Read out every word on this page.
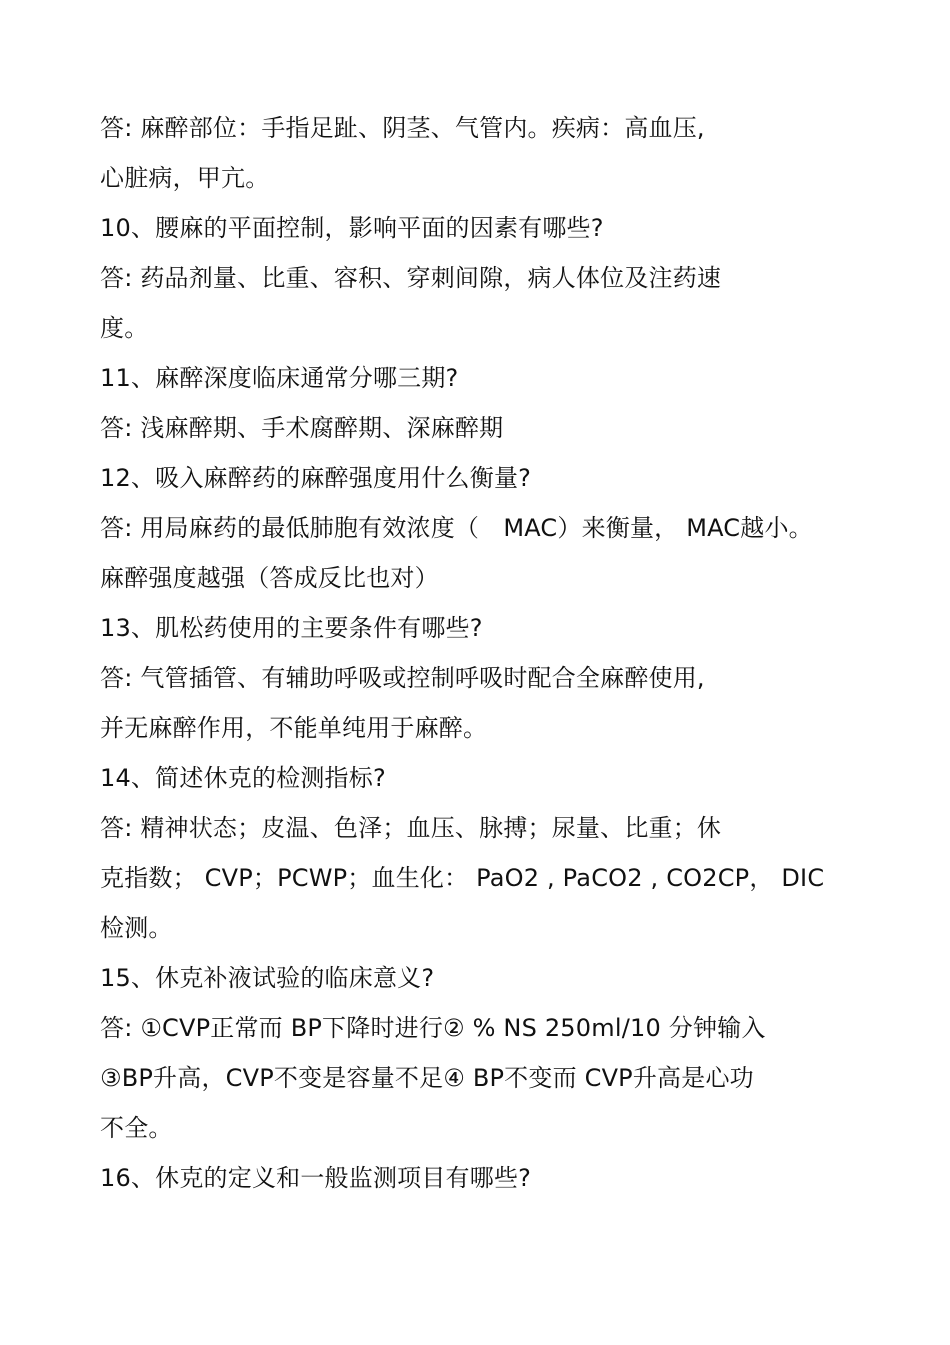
答: 麻醉部位：手指足趾、阴茎、气管内。疾病：高血压,
心脏病，甲亢。
10、腰麻的平面控制，影响平面的因素有哪些?
答: 药品剂量、比重、容积、穿刺间隙，病人体位及注药速
度。
11、麻醉深度临床通常分哪三期?
答: 浅麻醉期、手术腐醉期、深麻醉期
12、吸入麻醉药的麻醉强度用什么衡量?
答: 用局麻药的最低肺胞有效浓度（　MAC）来衡量， MAC越小。
麻醉强度越强（答成反比也对）
13、肌松药使用的主要条件有哪些?
答: 气管插管、有辅助呼吸或控制呼吸时配合全麻醉使用,
并无麻醉作用，不能单纯用于麻醉。
14、简述休克的检测指标?
答: 精神状态；皮温、色泽；血压、脉搏；尿量、比重；休
克指数； CVP；PCWP；血生化： PaO2 , PaCO2 , CO2CP， DIC
检测。
15、休克补液试验的临床意义?
答: ①CVP正常而 BP下降时进行② % NS 250ml/10 分钟输入
③BP升高，CVP不变是容量不足④ BP不变而 CVP升高是心功
不全。
16、休克的定义和一般监测项目有哪些?
